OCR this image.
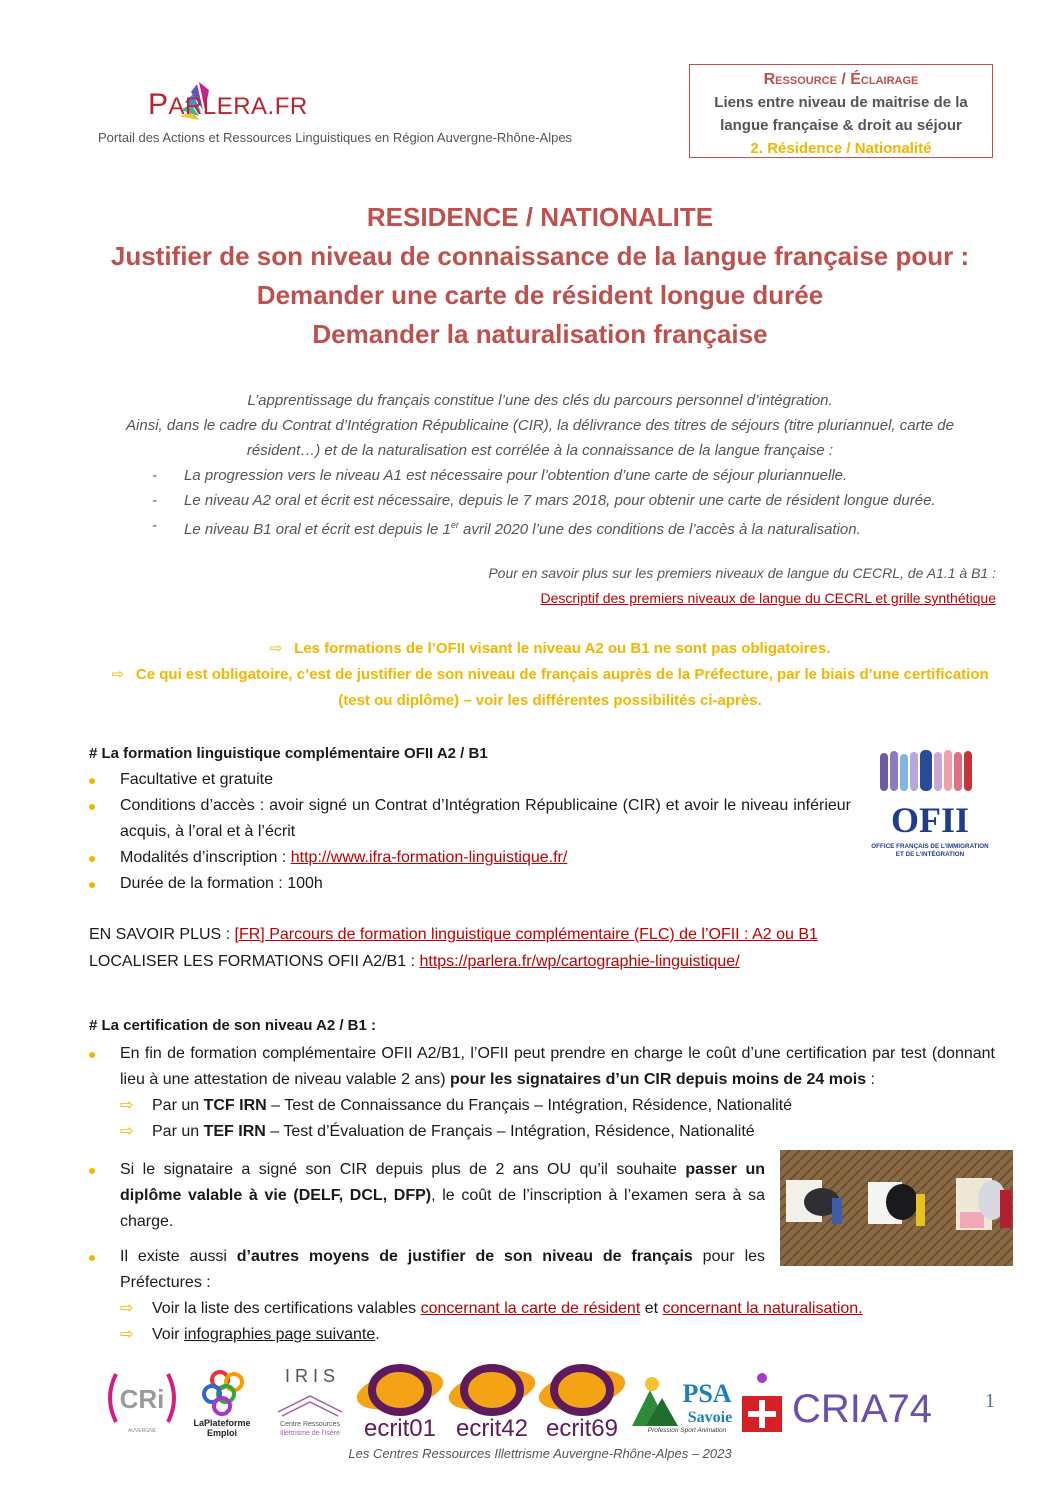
PARLERA.FR
Portail des Actions et Ressources Linguistiques en Région Auvergne-Rhône-Alpes
Ressource / Éclairage
Liens entre niveau de maitrise de la
langue française & droit au séjour
2. Résidence / Nationalité
RESIDENCE / NATIONALITE
Justifier de son niveau de connaissance de la langue française pour :
Demander une carte de résident longue durée
Demander la naturalisation française
L’apprentissage du français constitue l’une des clés du parcours personnel d’intégration.
Ainsi, dans le cadre du Contrat d’Intégration Républicaine (CIR), la délivrance des titres de séjours (titre pluriannuel, carte de
résident…) et de la naturalisation est corrélée à la connaissance de la langue française :
- La progression vers le niveau A1 est nécessaire pour l’obtention d’une carte de séjour pluriannuelle.
- Le niveau A2 oral et écrit est nécessaire, depuis le 7 mars 2018, pour obtenir une carte de résident longue durée.
- Le niveau B1 oral et écrit est depuis le 1er avril 2020 l’une des conditions de l’accès à la naturalisation.
Pour en savoir plus sur les premiers niveaux de langue du CECRL, de A1.1 à B1 :
Descriptif des premiers niveaux de langue du CECRL et grille synthétique
⇨ Les formations de l’OFII visant le niveau A2 ou B1 ne sont pas obligatoires.
⇨ Ce qui est obligatoire, c’est de justifier de son niveau de français auprès de la Préfecture, par le biais d’une certification (test ou diplôme) – voir les différentes possibilités ci-après.
# La formation linguistique complémentaire OFII A2 / B1
Facultative et gratuite
Conditions d’accès : avoir signé un Contrat d’Intégration Républicaine (CIR) et avoir le niveau inférieur acquis, à l’oral et à l’écrit
Modalités d’inscription : http://www.ifra-formation-linguistique.fr/
Durée de la formation : 100h
OFII
OFFICE FRANÇAIS DE L’IMMIGRATION
ET DE L’INTÉGRATION
EN SAVOIR PLUS : [FR] Parcours de formation linguistique complémentaire (FLC) de l’OFII : A2 ou B1
LOCALISER LES FORMATIONS OFII A2/B1 : https://parlera.fr/wp/cartographie-linguistique/
# La certification de son niveau A2 / B1 :
En fin de formation complémentaire OFII A2/B1, l’OFII peut prendre en charge le coût d’une certification par test (donnant lieu à une attestation de niveau valable 2 ans) pour les signataires d’un CIR depuis moins de 24 mois :
⇨ Par un TCF IRN – Test de Connaissance du Français – Intégration, Résidence, Nationalité
⇨ Par un TEF IRN – Test d’Évaluation de Français – Intégration, Résidence, Nationalité
Si le signataire a signé son CIR depuis plus de 2 ans OU qu’il souhaite passer un diplôme valable à vie (DELF, DCL, DFP), le coût de l’inscription à l’examen sera à sa charge.
Il existe aussi d’autres moyens de justifier de son niveau de français pour les Préfectures :
⇨ Voir la liste des certifications valables concernant la carte de résident et concernant la naturalisation.
⇨ Voir infographies page suivante.
CRi
AUVERGNE
LaPlateforme
Emploi
I R I S
Centre Ressources
Illettrisme de l'Isère ecrit01 ecrit42 ecrit69
PSA
Savoie
Profession Sport Animation CRIA74	1
Les Centres Ressources Illettrisme Auvergne-Rhône-Alpes – 2023
